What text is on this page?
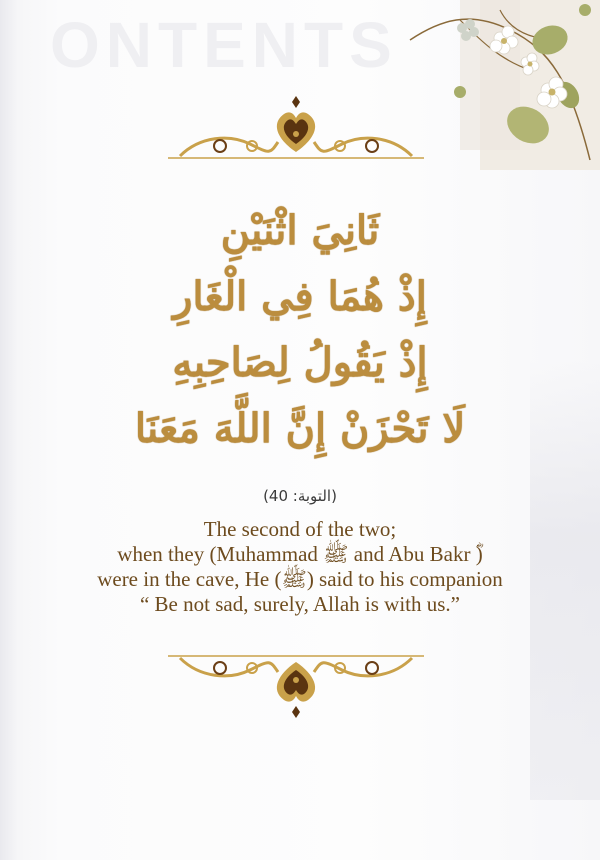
ONTENTS
ثَانِيَ اثْنَيْنِ
إِذْ هُمَا فِي الْغَارِ
إِذْ يَقُولُ لِصَاحِبِهِ
لَا تَحْزَنْ إِنَّ اللَّهَ مَعَنَا
(التوبة: 40)
The second of the two;
when they (Muhammad ﷺ and Abu Bakr ؓ)
were in the cave, He (ﷺ) said to his companion
“ Be not sad, surely, Allah is with us.”
